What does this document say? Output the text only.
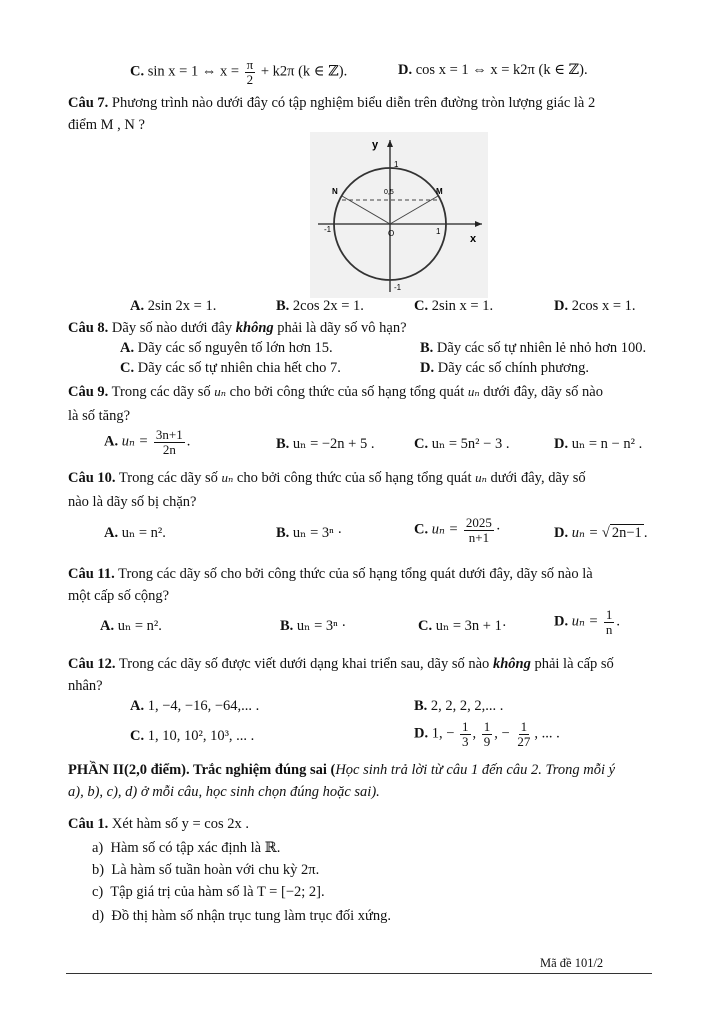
C. sin x = 1 ⇔ $x = \frac{\pi}{2} + k2\pi$ (k ∈ ℤ).	D. cos x = 1 ⇔ x = k2π (k ∈ ℤ).
Câu 7. Phương trình nào dưới đây có tập nghiệm biểu diễn trên đường tròn lượng giác là 2
điểm M , N ?
y
x
1
-1
1
-1	O
0,5
N	M
A. 2sin 2x = 1.	B. 2cos 2x = 1.	C. 2sin x = 1.	D. 2cos x = 1.
Câu 8. Dãy số nào dưới đây không phải là dãy số vô hạn?
A. Dãy các số nguyên tố lớn hơn 15.	B. Dãy các số tự nhiên lẻ nhỏ hơn 100.
C. Dãy các số tự nhiên chia hết cho 7.	D. Dãy các số chính phương.
Câu 9. Trong các dãy số uₙ cho bởi công thức của số hạng tổng quát uₙ dưới đây, dãy số nào
là số tăng?
A. $u_n = \frac{3n+1}{2n}$ .	B. uₙ = −2n + 5 .	C. uₙ = 5n² − 3 .	D. uₙ = n − n² .
Câu 10. Trong các dãy số uₙ cho bởi công thức của số hạng tổng quát uₙ dưới đây, dãy số
nào là dãy số bị chặn?
A. uₙ = n².	B. uₙ = 3ⁿ ·	C. $u_n = \frac{2025}{n+1}$ ·	D. uₙ = √ 2n−1 .
Câu 11. Trong các dãy số cho bởi công thức của số hạng tổng quát dưới đây, dãy số nào là
một cấp số cộng?
A. uₙ = n².	B. uₙ = 3ⁿ ·	C. uₙ = 3n + 1·	D. $u_n = \frac{1}{n}$ .
Câu 12. Trong các dãy số được viết dưới dạng khai triển sau, dãy số nào không phải là cấp số
nhân?
A. 1, −4, −16, −64,... .	B. 2, 2, 2, 2,... .
C. 1, 10, 10², 10³, ... .	D. 1, − $\frac{1}{3}$ , $\frac{1}{9}$ , − $\frac{1}{27}$ , ... .
PHẦN II(2,0 điểm). Trắc nghiệm đúng sai (Học sinh trả lời từ câu 1 đến câu 2. Trong mỗi ý
a), b), c), d) ở mỗi câu, học sinh chọn đúng hoặc sai).
Câu 1. Xét hàm số y = cos 2x .
a) Hàm số có tập xác định là ℝ.
b) Là hàm số tuần hoàn với chu kỳ 2π.
c) Tập giá trị của hàm số là T = [−2; 2].
d) Đồ thị hàm số nhận trục tung làm trục đối xứng.
Mã đề 101/2
